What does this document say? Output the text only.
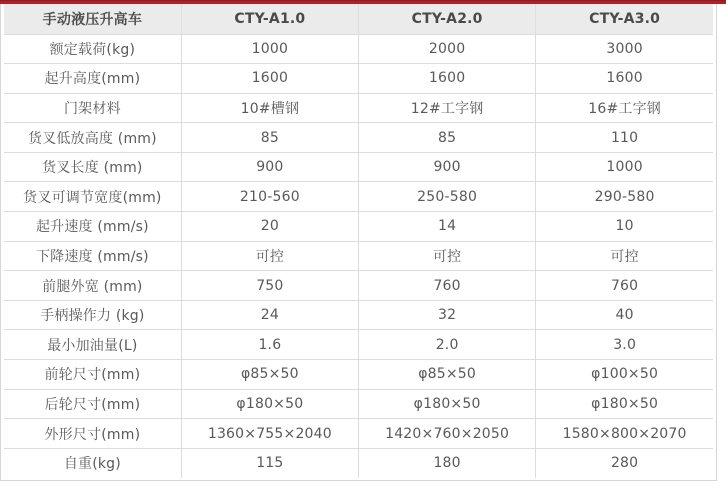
手动液压升高车	CTY-A1.0	CTY-A2.0	CTY-A3.0
额定载荷(kg)	1000	2000	3000
起升高度(mm)	1600	1600	1600
门架材料	10#槽钢	12#工字钢	16#工字钢
货叉低放高度 (mm)	85	85	110
货叉长度 (mm)	900	900	1000
货叉可调节宽度(mm)	210-560	250-580	290-580
起升速度 (mm/s)	20	14	10
下降速度 (mm/s)	可控	可控	可控
前腿外宽 (mm)	750	760	760
手柄操作力 (kg)	24	32	40
最小加油量(L)	1.6	2.0	3.0
前轮尺寸(mm)	φ85×50	φ85×50	φ100×50
后轮尺寸(mm)	φ180×50	φ180×50	φ180×50
外形尺寸(mm)	1360×755×2040	1420×760×2050	1580×800×2070
自重(kg)	115	180	280
